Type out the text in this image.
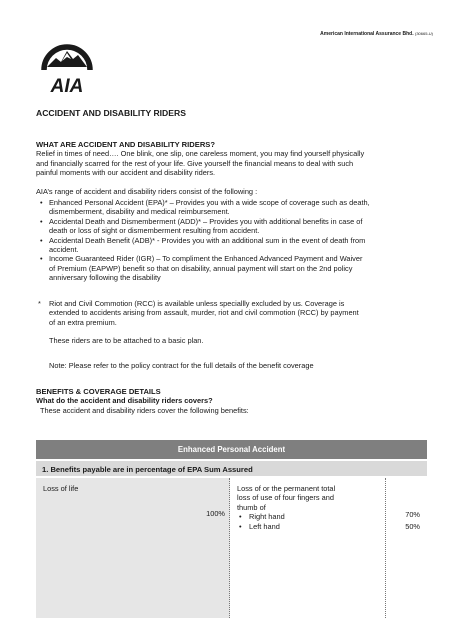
American International Assurance Bhd. (30665-U)
AIA
ACCIDENT AND DISABILITY RIDERS
WHAT ARE ACCIDENT AND DISABILITY RIDERS?

Relief in times of need…. One blink, one slip, one careless moment, you may find yourself physically

and financially scarred for the rest of your life. Give yourself the financial means to deal with such

painful moments with our accident and disability riders.

AIA’s range of accident and disability riders consist of the following :

• Enhanced Personal Accident (EPA)* – Provides you with a wide scope of coverage such as death,
dismemberment, disability and medical reimbursement.
• Accidental Death and Dismemberment (ADD)* – Provides you with additional benefits in case of
death or loss of sight or dismemberment resulting from accident.
• Accidental Death Benefit (ADB)* - Provides you with an additional sum in the event of death from
accident.
• Income Guaranteed Rider (IGR) – To compliment the Enhanced Advanced Payment and Waiver
of Premium (EAPWP) benefit so that on disability, annual payment will start on the 2nd policy
anniversary following the disability
* Riot and Civil Commotion (RCC) is available unless speciallly excluded by us. Coverage is
extended to accidents arising from assault, murder, riot and civil commotion (RCC) by payment
of an extra premium.

These riders are to be attached to a basic plan.

Note: Please refer to the policy contract for the full details of the benefit coverage

BENEFITS & COVERAGE DETAILS
What do the accident and disability riders covers?

These accident and disability riders cover the following benefits:

Enhanced Personal Accident
1. Benefits payable are in percentage of EPA Sum Assured
Loss of life
100%
Loss of or the permanent total
loss of use of four fingers and
thumb of
• Right hand
• Left hand
70%
50%
